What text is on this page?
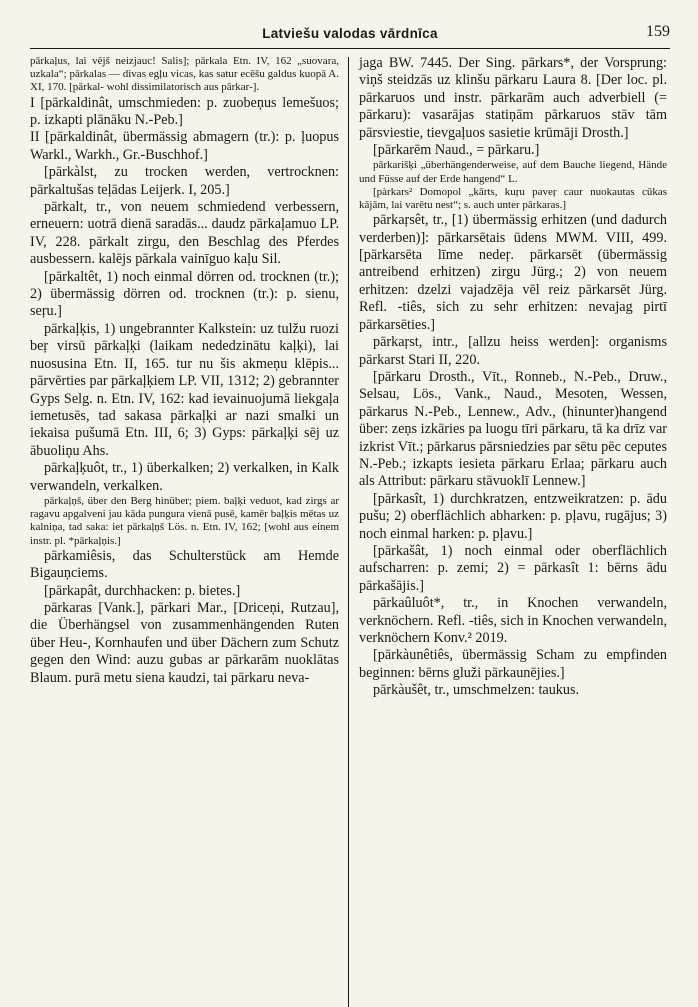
Latviešu valodas vārdnīca	159

pārkaļus, lai vējš neizjauc! Salis]; pārkala Etn. IV, 162 „suovara, uzkala“; pārkalas — divas egļu vicas, kas satur ecēšu galdus kuopā A. XI, 170. [pārkal- wohl dissimilatorisch aus pārkar-].

I [pārkaldinât, umschmieden: p. zuobeņus lemešuos; p. izkapti plānāku N.-Peb.]

II [pārkaldinât, übermässig abmagern (tr.): p. ļuopus Warkl., Warkh., Gr.-Buschhof.]

[pārkàlst, zu trocken werden, vertrocknen: pārkaltušas teļādas Leijerk. I, 205.]

pārkalt, tr., von neuem schmiedend verbessern, erneuern: uotrā dienā saradās... daudz pārkaļamuo LP. IV, 228. pārkalt zirgu, den Beschlag des Pferdes ausbessern. kalējs pārkala vainīguo kaļu Sil.

[pārkaltêt, 1) noch einmal dörren od. trocknen (tr.); 2) übermässig dörren od. trocknen (tr.): p. sienu, seŗu.]

pārkaļķis, 1) ungebrannter Kalkstein: uz tulžu ruozi beŗ virsū pārkaļķi (laikam nededzinātu kaļķi), lai nuosusina Etn. II, 165. tur nu šis akmeņu klēpis... pārvērties par pārkaļķiem LP. VII, 1312; 2) gebrannter Gyps Selg. n. Etn. IV, 162: kad ievainuojumā liekgaļa iemetusēs, tad sakasa pārkaļķi ar nazi smalki un iekaisa pušumā Etn. III, 6; 3) Gyps: pārkaļķi sēj uz ābuoliņu Ahs.

pārkaļķuôt, tr., 1) überkalken; 2) verkalken, in Kalk verwandeln, verkalken.

pārkaļņš, über den Berg hinüber; piem. baļķi veduot, kad zirgs ar ragavu apgalveni jau kāda pungura vienā pusē, kamēr baļķis mētas uz kalniņa, tad saka: iet pārkaļņš Lös. n. Etn. IV, 162; [wohl aus einem instr. pl. *pārkaļņis.]

pārkamiêsis, das Schulterstück am Hemde Bigauņciems.

[pārkapât, durchhacken: p. bietes.]

pārkaras [Vank.], pārkari Mar., [Driceņi, Rutzau], die Überhängsel von zusammenhängenden Ruten über Heu-, Kornhaufen und über Dächern zum Schutz gegen den Wind: auzu gubas ar pārkarām nuoklātas Blaum. purā metu siena kaudzi, tai pārkaru neva-

jaga BW. 7445. Der Sing. pārkars*, der Vorsprung: viņš steidzās uz klinšu pārkaru Laura 8. [Der loc. pl. pārkaruos und instr. pārkarām auch adverbiell (= pārkaru): vasarājas statiņām pārkaruos stāv tām pārsviestie, tievgaļuos sasietie krūmāji Drosth.]

[pārkarēm Naud., = pārkaru.]

pārkarišķi „überhängenderweise, auf dem Bauche liegend, Hände und Füsse auf der Erde hangend“ L.

[pàrkars² Domopol „kārts, kuŗu paveŗ caur nuokautas cūkas kājām, lai varētu nest“; s. auch unter pārkaras.]

pārkaŗsêt, tr., [1) übermässig erhitzen (und dadurch verderben)]: pārkarsētais ūdens MWM. VIII, 499. [pārkarsēta līme nedeŗ. pārkarsēt (übermässig antreibend erhitzen) zirgu Jürg.; 2) von neuem erhitzen: dzelzi vajadzēja vēl reiz pārkarsēt Jürg. Refl. -tiês, sich zu sehr erhitzen: nevajag pirtī pārkarsēties.]

pārkaŗst, intr., [allzu heiss werden]: organisms pārkarst Stari II, 220.

[pārkaru Drosth., Vīt., Ronneb., N.-Peb., Druw., Selsau, Lös., Vank., Naud., Mesoten, Wessen, pārkarus N.-Peb., Lennew., Adv., (hinunter)hangend über: zeņs izkāries pa luogu tīri pārkaru, tā ka drīz var izkrist Vīt.; pārkarus pārsniedzies par sētu pēc ceputes N.-Peb.; izkapts iesieta pārkaru Erlaa; pārkaru auch als Attribut: pārkaru stāvuoklī Lennew.]

[pārkasît, 1) durchkratzen, entzweikratzen: p. ādu pušu; 2) oberflächlich abharken: p. pļavu, rugājus; 3) noch einmal harken: p. pļavu.]

[pārkašât, 1) noch einmal oder oberflächlich aufscharren: p. zemi; 2) = pārkasît 1: bērns ādu pārkašājis.]

pārkaûluôt*, tr., in Knochen verwandeln, verknöchern. Refl. -tiês, sich in Knochen verwandeln, verknöchern Konv.² 2019.

[pārkàunêtiês, übermässig Scham zu empfinden beginnen: bērns gluži pārkaunējies.]

pārkàušêt, tr., umschmelzen: taukus.
